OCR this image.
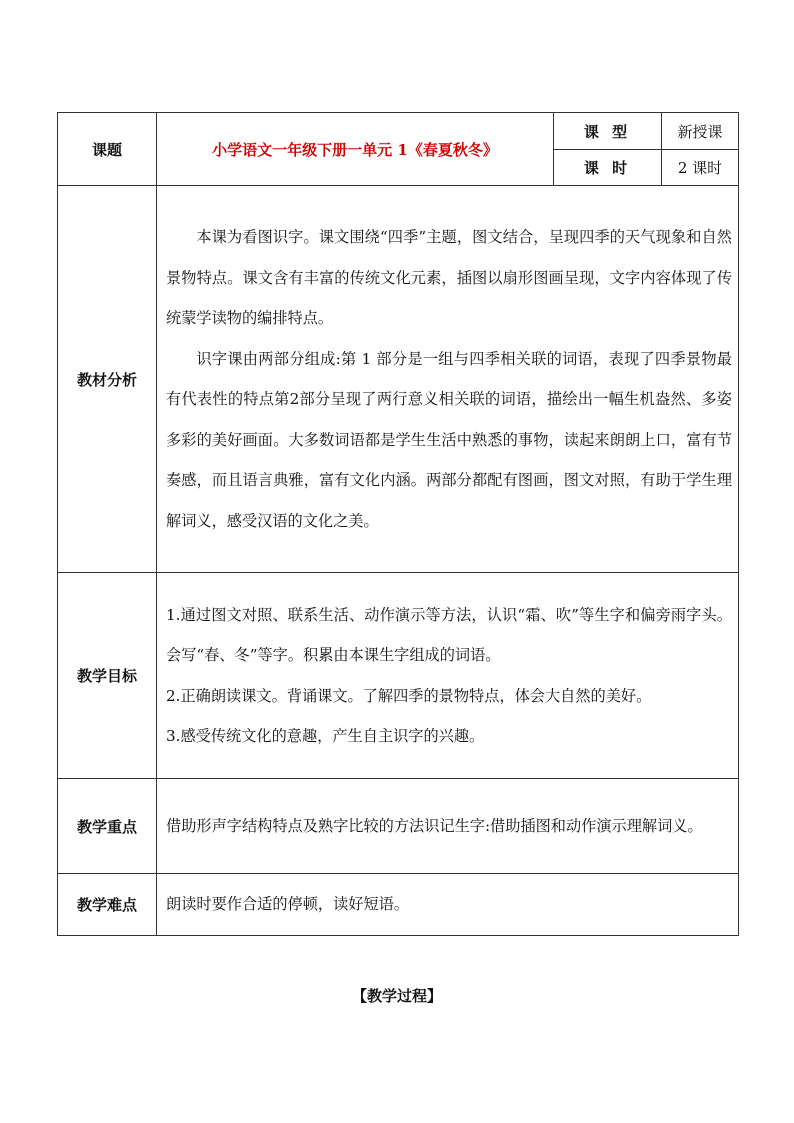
课题	小学语文一年级下册一单元 1《春夏秋冬》	课 型	新授课
		课 时	2 课时
教材分析	本课为看图识字。课文围绕“四季”主题，图文结合，呈现四季的天气现象和自然景物特点。课文含有丰富的传统文化元素，插图以扇形图画呈现，文字内容体现了传统蒙学读物的编排特点。

识字课由两部分组成:第 1 部分是一组与四季相关联的词语，表现了四季景物最有代表性的特点第2部分呈现了两行意义相关联的词语，描绘出一幅生机盎然、多姿多彩的美好画面。大多数词语都是学生生活中熟悉的事物，读起来朗朗上口，富有节奏感，而且语言典雅，富有文化内涵。两部分都配有图画，图文对照，有助于学生理解词义，感受汉语的文化之美。		

教学目标	1.通过图文对照、联系生活、动作演示等方法，认识“霜、吹”等生字和偏旁雨字头。会写“春、冬”等字。积累由本课生字组成的词语。

2.正确朗读课文。背诵课文。了解四季的景物特点，体会大自然的美好。

3.感受传统文化的意趣，产生自主识字的兴趣。		

教学重点	借助形声字结构特点及熟字比较的方法识记生字:借助插图和动作演示理解词义。		

教学难点	朗读时要作合适的停顿，读好短语。		

【教学过程】
